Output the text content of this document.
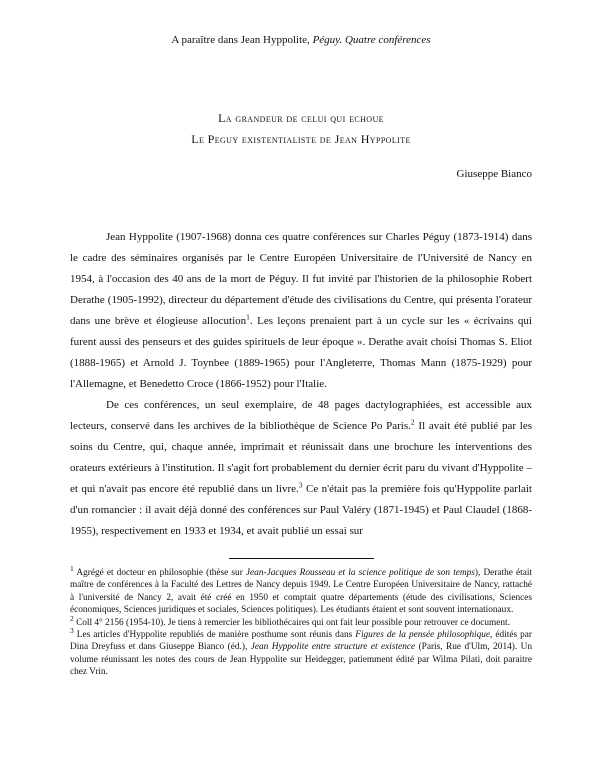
A paraître dans Jean Hyppolite, Péguy. Quatre conférences
La grandeur de celui qui echoue
Le Peguy existentialiste de Jean Hyppolite
Giuseppe Bianco

Jean Hyppolite (1907-1968) donna ces quatre conférences sur Charles Péguy (1873-1914) dans le cadre des séminaires organisés par le Centre Européen Universitaire de l'Université de Nancy en 1954, à l'occasion des 40 ans de la mort de Péguy. Il fut invité par l'historien de la philosophie Robert Derathe (1905-1992), directeur du département d'étude des civilisations du Centre, qui présenta l'orateur dans une brève et élogieuse allocution$^1$. Les leçons prenaient part à un cycle sur les « écrivains qui furent aussi des penseurs et des guides spirituels de leur époque ». Derathe avait choisi Thomas S. Eliot (1888-1965) et Arnold J. Toynbee (1889-1965) pour l'Angleterre, Thomas Mann (1875-1929) pour l'Allemagne, et Benedetto Croce (1866-1952) pour l'Italie.

De ces conférences, un seul exemplaire, de 48 pages dactylographiées, est accessible aux lecteurs, conservé dans les archives de la bibliothèque de Science Po Paris.$^2$ Il avait été publié par les soins du Centre, qui, chaque année, imprimait et réunissait dans une brochure les interventions des orateurs extérieurs à l'institution. Il s'agit fort probablement du dernier écrit paru du vivant d'Hyppolite – et qui n'avait pas encore été republié dans un livre.$^3$ Ce n'était pas la première fois qu'Hyppolite parlait d'un romancier : il avait déjà donné des conférences sur Paul Valéry (1871-1945) et Paul Claudel (1868-1955), respectivement en 1933 et 1934, et avait publié un essai sur

$^1$ Agrégé et docteur en philosophie (thèse sur Jean-Jacques Rousseau et la science politique de son temps), Derathe était maître de conférences à la Faculté des Lettres de Nancy depuis 1949. Le Centre Européen Universitaire de Nancy, rattaché à l'université de Nancy 2, avait été créé en 1950 et comptait quatre départements (étude des civilisations, Sciences économiques, Sciences juridiques et sociales, Sciences politiques). Les étudiants étaient et sont souvent internationaux.

$^2$ Coll 4° 2156 (1954-10). Je tiens à remercier les bibliothécaires qui ont fait leur possible pour retrouver ce document.

$^3$ Les articles d'Hyppolite republiés de manière posthume sont réunis dans Figures de la pensée philosophique, édités par Dina Dreyfuss et dans Giuseppe Bianco (éd.), Jean Hyppolite entre structure et existence (Paris, Rue d'Ulm, 2014). Un volume réunissant les notes des cours de Jean Hyppolite sur Heidegger, patiemment édité par Wilma Pilati, doit paraitre chez Vrin.
